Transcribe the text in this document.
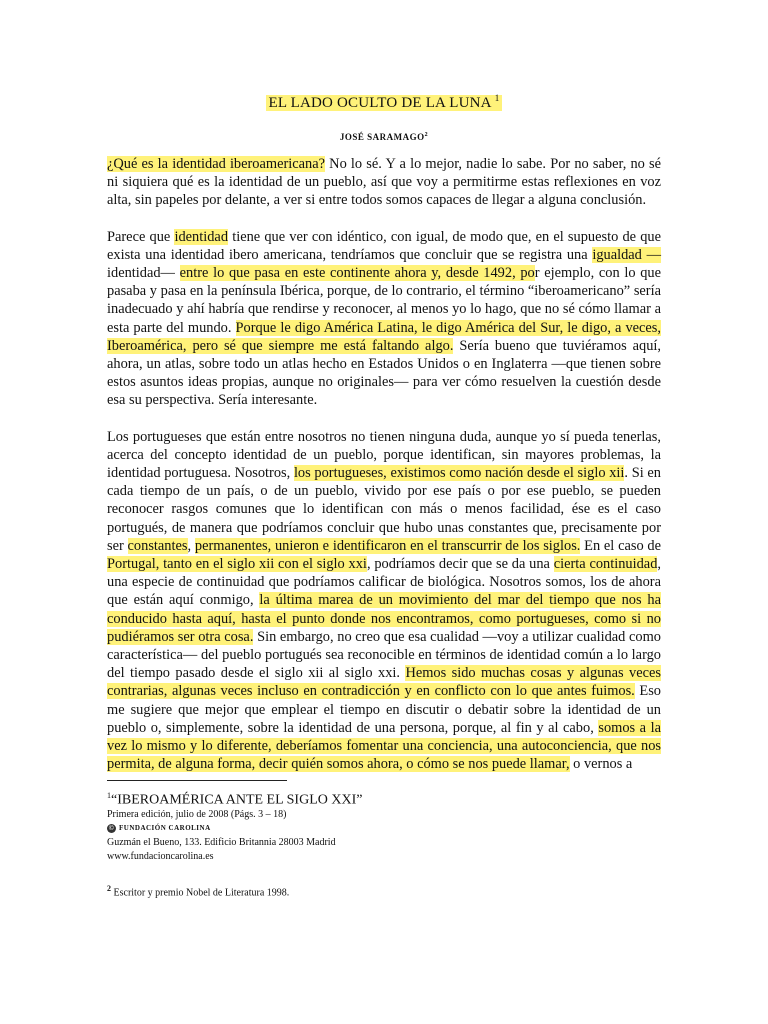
EL LADO OCULTO DE LA LUNA $^1$
JOSÉ SARAMAGO$^2$

¿Qué es la identidad iberoamericana? No lo sé. Y a lo mejor, nadie lo sabe. Por no saber, no sé ni siquiera qué es la identidad de un pueblo, así que voy a permitirme estas reflexiones en voz alta, sin papeles por delante, a ver si entre todos somos capaces de llegar a alguna conclusión.

Parece que identidad tiene que ver con idéntico, con igual, de modo que, en el supuesto de que exista una identidad ibero americana, tendríamos que concluir que se registra una igualdad — identidad— entre lo que pasa en este continente ahora y, desde 1492, por ejemplo, con lo que pasaba y pasa en la península Ibérica, porque, de lo contrario, el término “iberoamericano” sería inadecuado y ahí habría que rendirse y reconocer, al menos yo lo hago, que no sé cómo llamar a esta parte del mundo. Porque le digo América Latina, le digo América del Sur, le digo, a veces, Iberoamérica, pero sé que siempre me está faltando algo. Sería bueno que tuviéramos aquí, ahora, un atlas, sobre todo un atlas hecho en Estados Unidos o en Inglaterra —que tienen sobre estos asuntos ideas propias, aunque no originales— para ver cómo resuelven la cuestión desde esa su perspectiva. Sería interesante.

Los portugueses que están entre nosotros no tienen ninguna duda, aunque yo sí pueda tenerlas, acerca del concepto identidad de un pueblo, porque identifican, sin mayores problemas, la identidad portuguesa. Nosotros, los portugueses, existimos como nación desde el siglo xii. Si en cada tiempo de un país, o de un pueblo, vivido por ese país o por ese pueblo, se pueden reconocer rasgos comunes que lo identifican con más o menos facilidad, ése es el caso portugués, de manera que podríamos concluir que hubo unas constantes que, precisamente por ser constantes, permanentes, unieron e identificaron en el transcurrir de los siglos. En el caso de Portugal, tanto en el siglo xii con el siglo xxi, podríamos decir que se da una cierta continuidad, una especie de continuidad que podríamos calificar de biológica. Nosotros somos, los de ahora que están aquí conmigo, la última marea de un movimiento del mar del tiempo que nos ha conducido hasta aquí, hasta el punto donde nos encontramos, como portugueses, como si no pudiéramos ser otra cosa. Sin embargo, no creo que esa cualidad —voy a utilizar cualidad como característica— del pueblo portugués sea reconocible en términos de identidad común a lo largo del tiempo pasado desde el siglo xii al siglo xxi. Hemos sido muchas cosas y algunas veces contrarias, algunas veces incluso en contradicción y en conflicto con lo que antes fuimos. Eso me sugiere que mejor que emplear el tiempo en discutir o debatir sobre la identidad de un pueblo o, simplemente, sobre la identidad de una persona, porque, al fin y al cabo, somos a la vez lo mismo y lo diferente, deberíamos fomentar una conciencia, una autoconciencia, que nos permita, de alguna forma, decir quién somos ahora, o cómo se nos puede llamar, o vernos a

$^1$“IBEROAMÉRICA ANTE EL SIGLO XXI”
Primera edición, julio de 2008 (Págs. 3 – 18)
© FUNDACIÓN CAROLINA
Guzmán el Bueno, 133. Edificio Britannia 28003 Madrid
www.fundacioncarolina.es
$^2$ Escritor y premio Nobel de Literatura 1998.
